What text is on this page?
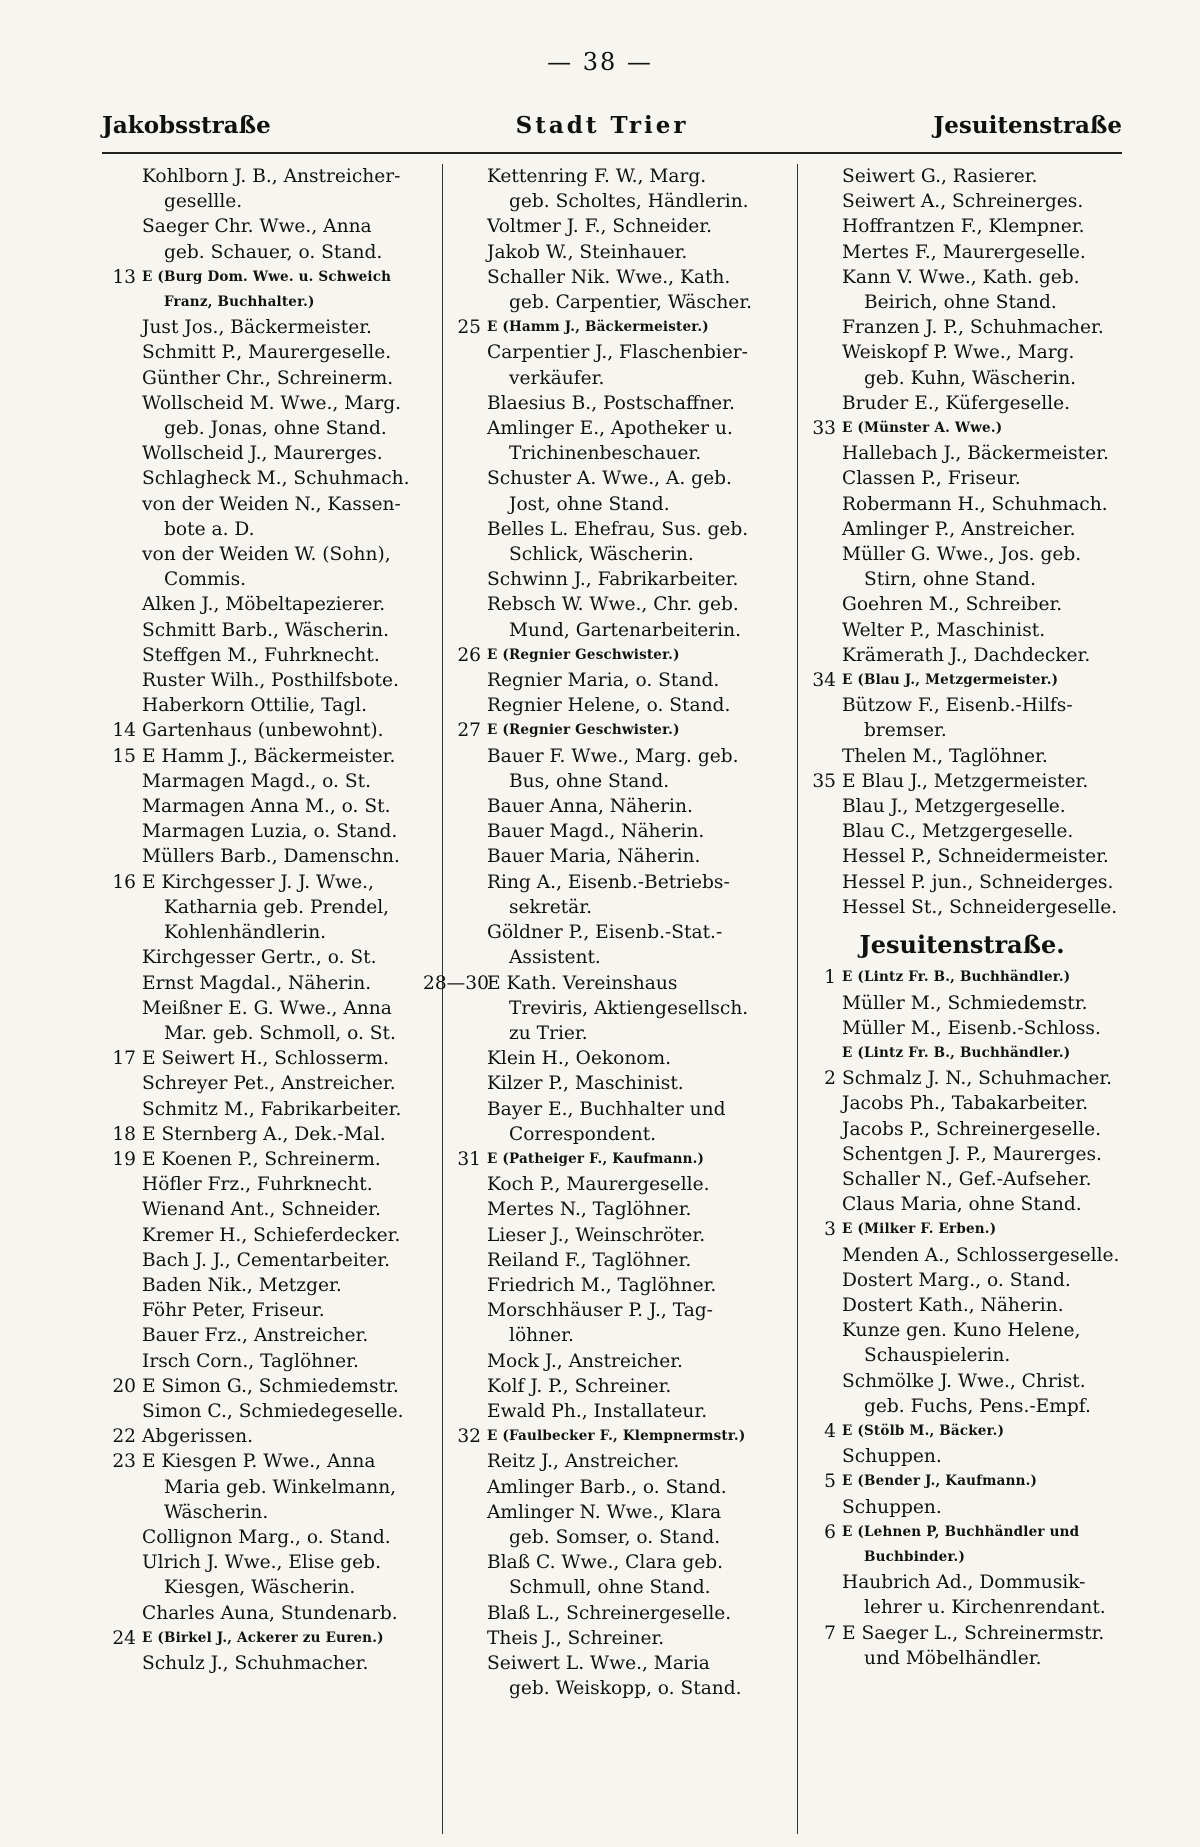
— 38 —
Jakobsstraße	Stadt Trier	Jesuitenstraße
Kohlborn J. B., Anstreicher-
gesellle.
Saeger Chr. Wwe., Anna
geb. Schauer, o. Stand.
13 E (Burg Dom. Wwe. u. Schweich
Franz, Buchhalter.)
Just Jos., Bäckermeister.
Schmitt P., Maurergeselle.
Günther Chr., Schreinerm.
Wollscheid M. Wwe., Marg.
geb. Jonas, ohne Stand.
Wollscheid J., Maurerges.
Schlagheck M., Schuhmach.
von der Weiden N., Kassen-
bote a. D.
von der Weiden W. (Sohn),
Commis.
Alken J., Möbeltapezierer.
Schmitt Barb., Wäscherin.
Steffgen M., Fuhrknecht.
Ruster Wilh., Posthilfsbote.
Haberkorn Ottilie, Tagl.
14 Gartenhaus (unbewohnt).
15 E Hamm J., Bäckermeister.
Marmagen Magd., o. St.
Marmagen Anna M., o. St.
Marmagen Luzia, o. Stand.
Müllers Barb., Damenschn.
16 E Kirchgesser J. J. Wwe.,
Katharnia geb. Prendel,
Kohlenhändlerin.
Kirchgesser Gertr., o. St.
Ernst Magdal., Näherin.
Meißner E. G. Wwe., Anna
Mar. geb. Schmoll, o. St.
17 E Seiwert H., Schlosserm.
Schreyer Pet., Anstreicher.
Schmitz M., Fabrikarbeiter.
18 E Sternberg A., Dek.-Mal.
19 E Koenen P., Schreinerm.
Höfler Frz., Fuhrknecht.
Wienand Ant., Schneider.
Kremer H., Schieferdecker.
Bach J. J., Cementarbeiter.
Baden Nik., Metzger.
Föhr Peter, Friseur.
Bauer Frz., Anstreicher.
Irsch Corn., Taglöhner.
20 E Simon G., Schmiedemstr.
Simon C., Schmiedegeselle.
22 Abgerissen.
23 E Kiesgen P. Wwe., Anna
Maria geb. Winkelmann,
Wäscherin.
Collignon Marg., o. Stand.
Ulrich J. Wwe., Elise geb.
Kiesgen, Wäscherin.
Charles Auna, Stundenarb.
24 E (Birkel J., Ackerer zu Euren.)
Schulz J., Schuhmacher.
Kettenring F. W., Marg.
geb. Scholtes, Händlerin.
Voltmer J. F., Schneider.
Jakob W., Steinhauer.
Schaller Nik. Wwe., Kath.
geb. Carpentier, Wäscher.
25 E (Hamm J., Bäckermeister.)
Carpentier J., Flaschenbier-
verkäufer.
Blaesius B., Postschaffner.
Amlinger E., Apotheker u.
Trichinenbeschauer.
Schuster A. Wwe., A. geb.
Jost, ohne Stand.
Belles L. Ehefrau, Sus. geb.
Schlick, Wäscherin.
Schwinn J., Fabrikarbeiter.
Rebsch W. Wwe., Chr. geb.
Mund, Gartenarbeiterin.
26 E (Regnier Geschwister.)
Regnier Maria, o. Stand.
Regnier Helene, o. Stand.
27 E (Regnier Geschwister.)
Bauer F. Wwe., Marg. geb.
Bus, ohne Stand.
Bauer Anna, Näherin.
Bauer Magd., Näherin.
Bauer Maria, Näherin.
Ring A., Eisenb.-Betriebs-
sekretär.
Göldner P., Eisenb.-Stat.-
Assistent.
28—30
E Kath. Vereinshaus
Treviris, Aktiengesellsch.
zu Trier.
Klein H., Oekonom.
Kilzer P., Maschinist.
Bayer E., Buchhalter und
Correspondent.
31 E (Patheiger F., Kaufmann.)
Koch P., Maurergeselle.
Mertes N., Taglöhner.
Lieser J., Weinschröter.
Reiland F., Taglöhner.
Friedrich M., Taglöhner.
Morschhäuser P. J., Tag-
löhner.
Mock J., Anstreicher.
Kolf J. P., Schreiner.
Ewald Ph., Installateur.
32 E (Faulbecker F., Klempnermstr.)
Reitz J., Anstreicher.
Amlinger Barb., o. Stand.
Amlinger N. Wwe., Klara
geb. Somser, o. Stand.
Blaß C. Wwe., Clara geb.
Schmull, ohne Stand.
Blaß L., Schreinergeselle.
Theis J., Schreiner.
Seiwert L. Wwe., Maria
geb. Weiskopp, o. Stand.
Seiwert G., Rasierer.
Seiwert A., Schreinerges.
Hoffrantzen F., Klempner.
Mertes F., Maurergeselle.
Kann V. Wwe., Kath. geb.
Beirich, ohne Stand.
Franzen J. P., Schuhmacher.
Weiskopf P. Wwe., Marg.
geb. Kuhn, Wäscherin.
Bruder E., Küfergeselle.
33 E (Münster A. Wwe.)
Hallebach J., Bäckermeister.
Classen P., Friseur.
Robermann H., Schuhmach.
Amlinger P., Anstreicher.
Müller G. Wwe., Jos. geb.
Stirn, ohne Stand.
Goehren M., Schreiber.
Welter P., Maschinist.
Krämerath J., Dachdecker.
34 E (Blau J., Metzgermeister.)
Bützow F., Eisenb.-Hilfs-
bremser.
Thelen M., Taglöhner.
35 E Blau J., Metzgermeister.
Blau J., Metzgergeselle.
Blau C., Metzgergeselle.
Hessel P., Schneidermeister.
Hessel P. jun., Schneiderges.
Hessel St., Schneidergeselle.
Jesuitenstraße.
1 E (Lintz Fr. B., Buchhändler.)
Müller M., Schmiedemstr.
Müller M., Eisenb.-Schloss.
E (Lintz Fr. B., Buchhändler.)
2 Schmalz J. N., Schuhmacher.
Jacobs Ph., Tabakarbeiter.
Jacobs P., Schreinergeselle.
Schentgen J. P., Maurerges.
Schaller N., Gef.-Aufseher.
Claus Maria, ohne Stand.
3 E (Milker F. Erben.)
Menden A., Schlossergeselle.
Dostert Marg., o. Stand.
Dostert Kath., Näherin.
Kunze gen. Kuno Helene,
Schauspielerin.
Schmölke J. Wwe., Christ.
geb. Fuchs, Pens.-Empf.
4 E (Stölb M., Bäcker.)
Schuppen.
5 E (Bender J., Kaufmann.)
Schuppen.
6 E (Lehnen P, Buchhändler und
Buchbinder.)
Haubrich Ad., Dommusik-
lehrer u. Kirchenrendant.
7 E Saeger L., Schreinermstr.
und Möbelhändler.
